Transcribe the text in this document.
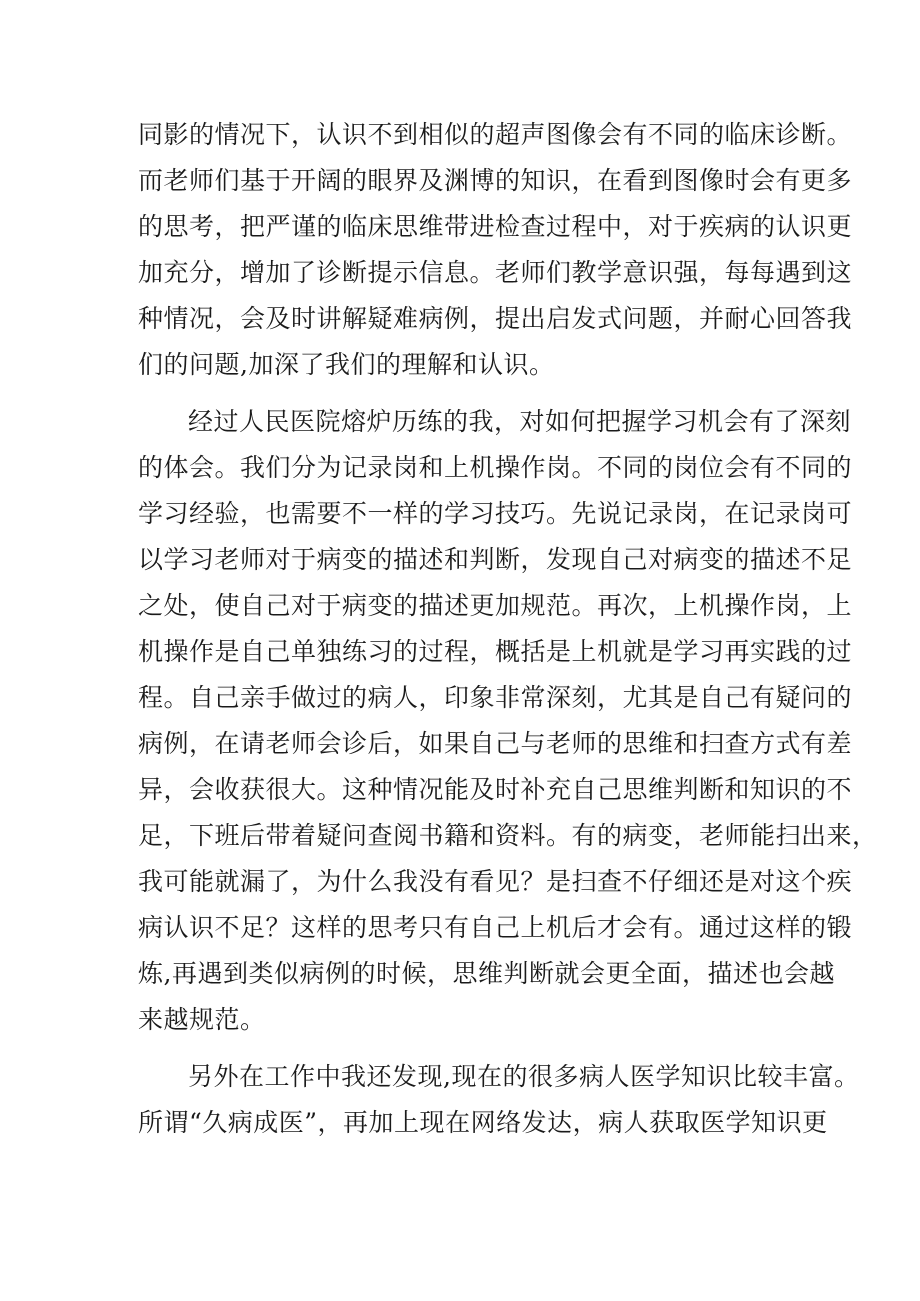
同影的情况下，认识不到相似的超声图像会有不同的临床诊断。
而老师们基于开阔的眼界及渊博的知识，在看到图像时会有更多
的思考，把严谨的临床思维带进检查过程中，对于疾病的认识更
加充分，增加了诊断提示信息。老师们教学意识强，每每遇到这
种情况，会及时讲解疑难病例，提出启发式问题，并耐心回答我
们的问题,加深了我们的理解和认识。
经过人民医院熔炉历练的我，对如何把握学习机会有了深刻
的体会。我们分为记录岗和上机操作岗。不同的岗位会有不同的
学习经验，也需要不一样的学习技巧。先说记录岗，在记录岗可
以学习老师对于病变的描述和判断，发现自己对病变的描述不足
之处，使自己对于病变的描述更加规范。再次，上机操作岗，上
机操作是自己单独练习的过程，概括是上机就是学习再实践的过
程。自己亲手做过的病人，印象非常深刻，尤其是自己有疑问的
病例，在请老师会诊后，如果自己与老师的思维和扫查方式有差
异，会收获很大。这种情况能及时补充自己思维判断和知识的不
足，下班后带着疑问查阅书籍和资料。有的病变，老师能扫出来，
我可能就漏了，为什么我没有看见？是扫查不仔细还是对这个疾
病认识不足？这样的思考只有自己上机后才会有。通过这样的锻
炼,再遇到类似病例的时候，思维判断就会更全面，描述也会越
来越规范。
另外在工作中我还发现,现在的很多病人医学知识比较丰富。
所谓“久病成医”，再加上现在网络发达，病人获取医学知识更
